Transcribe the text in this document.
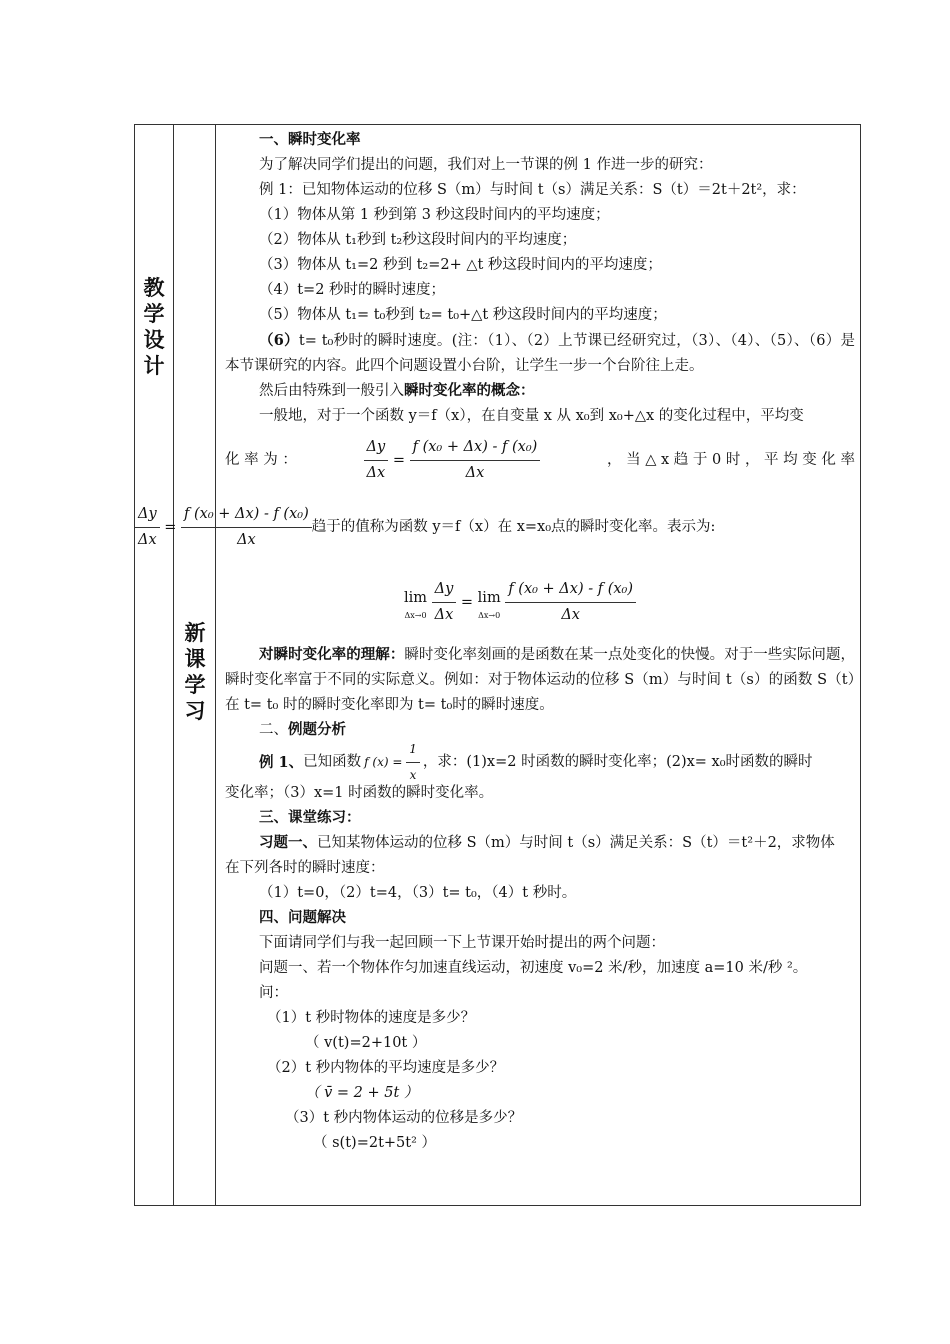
教
学
设
计
新
课
学
习

一、瞬时变化率

为了解决同学们提出的问题，我们对上一节课的例 1 作进一步的研究：

例 1：已知物体运动的位移 S（m）与时间 t（s）满足关系：S（t）＝2t＋2t²，求：

（1）物体从第 1 秒到第 3 秒这段时间内的平均速度；

（2）物体从 t₁秒到 t₂秒这段时间内的平均速度；

（3）物体从 t₁=2 秒到 t₂=2+ △t 秒这段时间内的平均速度；

（4）t=2 秒时的瞬时速度；

（5）物体从 t₁= t₀秒到 t₂= t₀+△t 秒这段时间内的平均速度；

（6）t= t₀秒时的瞬时速度。(注：（1）、（2）上节课已经研究过，（3）、（4）、（5）、（6）是本节课研究的内容。此四个问题设置小台阶，让学生一步一个台阶往上走。

然后由特殊到一般引入瞬时变化率的概念：

一般地，对于一个函数 y＝f（x），在自变量 x 从 x₀到 x₀+△x 的变化过程中，平均变

化 率 为 ：	$\frac{\Delta y}{\Delta x} = \frac{\text{f (x₀ + Δx) - f (x₀)}}{\Delta x}$	， 当 △ x 趋 于 0 时 ， 平 均 变 化 率
$\frac{\Delta y}{\Delta x} = \frac{\text{f (x₀ + Δx) - f (x₀)}}{\Delta x}$ 趋于的值称为函数 y＝f（x）在 x=x₀点的瞬时变化率。表示为:
lim
Δx→0
$\frac{\Delta y}{\Delta x} = \lim$
Δx→0
$\frac{\text{f (x₀ + Δx) - f (x₀)}}{\Delta x}$

对瞬时变化率的理解：瞬时变化率刻画的是函数在某一点处变化的快慢。对于一些实际问题，瞬时变化率富于不同的实际意义。例如：对于物体运动的位移 S（m）与时间 t（s）的函数 S（t）在 t= t₀ 时的瞬时变化率即为 t= t₀时的瞬时速度。

二、例题分析

例 1、 已知函数 f $(x) = \frac{1}{x}$ ，求：(1)x=2 时函数的瞬时变化率；(2)x= x₀时函数的瞬时

变化率；（3）x=1 时函数的瞬时变化率。

三、课堂练习：

习题一、已知某物体运动的位移 S（m）与时间 t（s）满足关系：S（t）＝t²＋2，求物体

在下列各时的瞬时速度：

（1）t=0，（2）t=4，（3）t= t₀，（4）t 秒时。

四、问题解决

下面请同学们与我一起回顾一下上节课开始时提出的两个问题：

问题一、若一个物体作匀加速直线运动，初速度 v₀=2 米/秒，加速度 a=10 米/秒 ²。

问：

（1）t 秒时物体的速度是多少？

（ v(t)=2+10t ）

（2）t 秒内物体的平均速度是多少？

（ v̄ = 2 + 5t ）

（3）t 秒内物体运动的位移是多少？

（ s(t)=2t+5t² ）
